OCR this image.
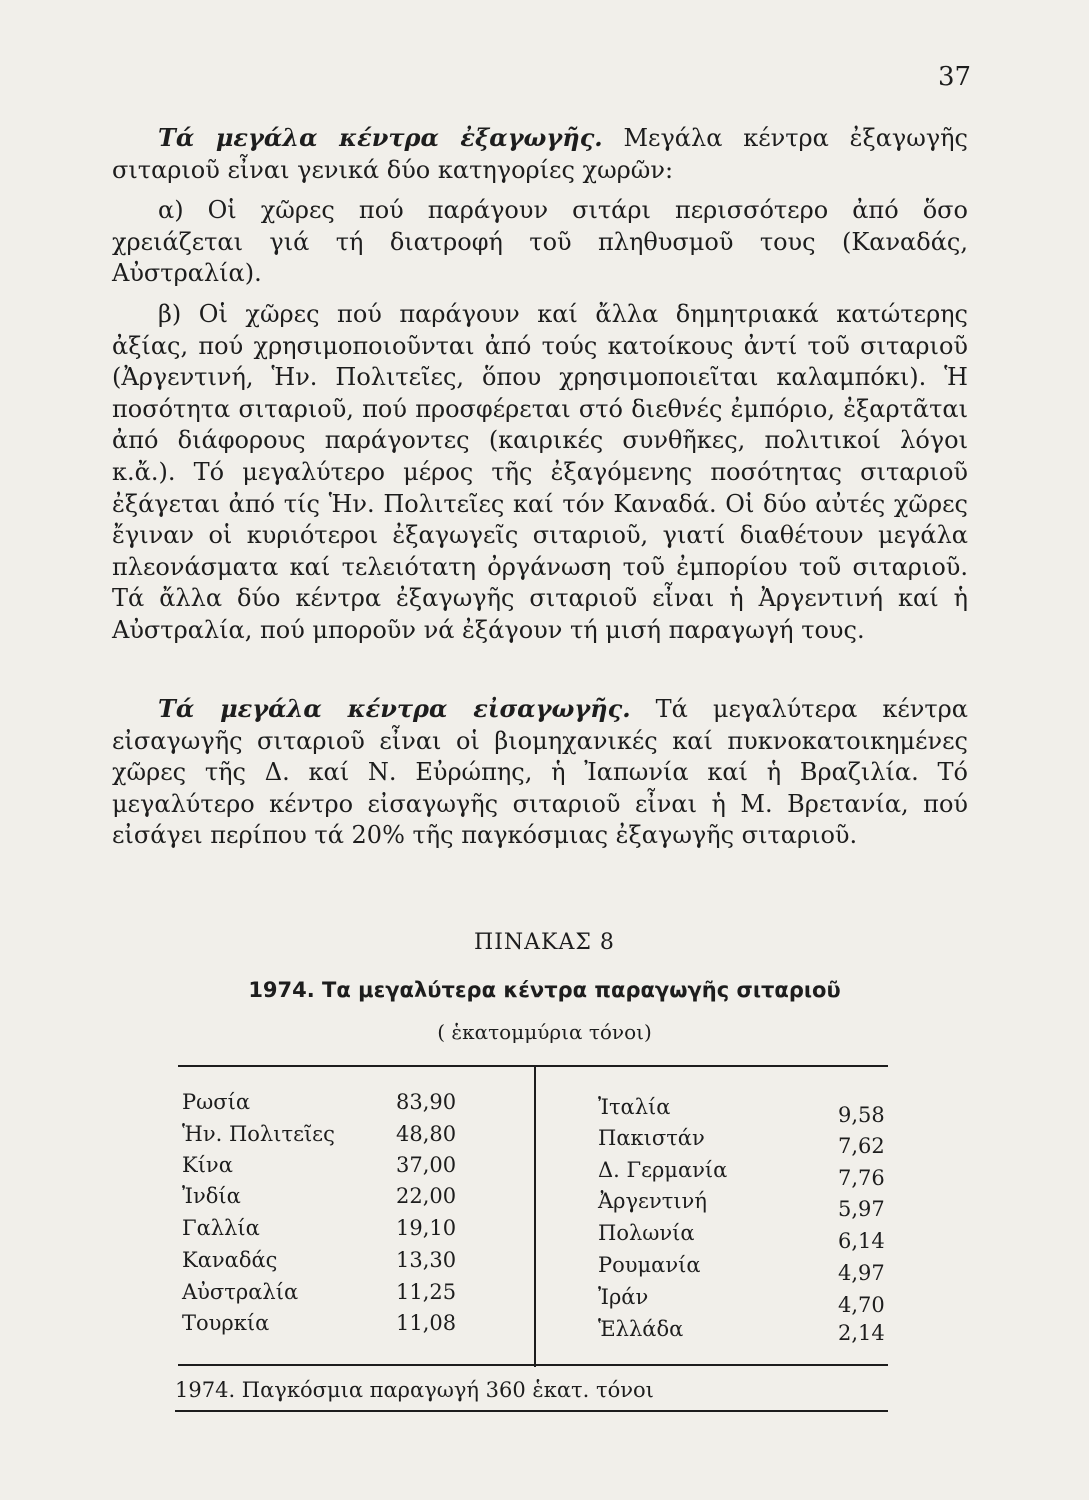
37

Τά μεγάλα κέντρα ἐξαγωγῆς. Μεγάλα κέντρα ἐξαγωγῆς σιταριοῦ εἶναι γενικά δύο κατηγορίες χωρῶν:

α) Οἱ χῶρες πού παράγουν σιτάρι περισσότερο ἀπό ὅσο χρειάζεται γιά τή διατροφή τοῦ πληθυσμοῦ τους (Καναδάς, Αὐστραλία).

β) Οἱ χῶρες πού παράγουν καί ἄλλα δημητριακά κατώτερης ἀξίας, πού χρησιμοποιοῦνται ἀπό τούς κατοίκους ἀντί τοῦ σιταριοῦ (Ἀργεντινή, Ἡν. Πολιτεῖες, ὅπου χρησιμοποιεῖται καλαμπόκι). Ἡ ποσότητα σιταριοῦ, πού προσφέρεται στό διεθνές ἐμπόριο, ἐξαρτᾶται ἀπό διάφορους παράγοντες (καιρικές συνθῆκες, πολιτικοί λόγοι κ.ἄ.). Τό μεγαλύτερο μέρος τῆς ἐξαγόμενης ποσότητας σιταριοῦ ἐξάγεται ἀπό τίς Ἡν. Πολιτεῖες καί τόν Καναδά. Οἱ δύο αὐτές χῶρες ἔγιναν οἱ κυριότεροι ἐξαγωγεῖς σιταριοῦ, γιατί διαθέτουν μεγάλα πλεονάσματα καί τελειότατη ὀργάνωση τοῦ ἐμπορίου τοῦ σιταριοῦ. Τά ἄλλα δύο κέντρα ἐξαγωγῆς σιταριοῦ εἶναι ἡ Ἀργεντινή καί ἡ Αὐστραλία, πού μποροῦν νά ἐξάγουν τή μισή παραγωγή τους.

Τά μεγάλα κέντρα εἰσαγωγῆς. Τά μεγαλύτερα κέντρα εἰσαγωγῆς σιταριοῦ εἶναι οἱ βιομηχανικές καί πυκνοκατοικημένες χῶρες τῆς Δ. καί Ν. Εὐρώπης, ἡ Ἰαπωνία καί ἡ Βραζιλία. Τό μεγαλύτερο κέντρο εἰσαγωγῆς σιταριοῦ εἶναι ἡ Μ. Βρετανία, πού εἰσάγει περίπου τά 20% τῆς παγκόσμιας ἐξαγωγῆς σιταριοῦ.

ΠΙΝΑΚΑΣ 8
1974. Τα μεγαλύτερα κέντρα παραγωγῆς σιταριοῦ
( ἑκατομμύρια τόνοι)
Ρωσία	83,90
Ἡν. Πολιτεῖες	48,80
Κίνα	37,00
Ἰνδία	22,00
Γαλλία	19,10
Καναδάς	13,30
Αὐστραλία	11,25
Τουρκία	11,08
Ἰταλία	9,58
Πακιστάν	7,62
Δ. Γερμανία	7,76
Ἀργεντινή	5,97
Πολωνία	6,14
Ρουμανία	4,97
Ἰράν	4,70
Ἑλλάδα	2,14
1974. Παγκόσμια παραγωγή 360 ἑκατ. τόνοι
